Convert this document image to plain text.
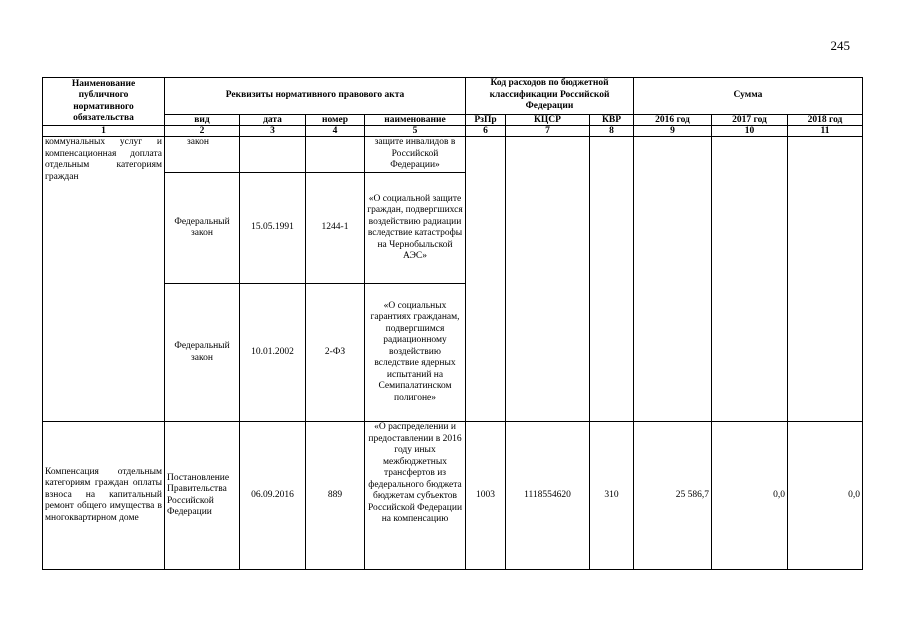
245
Наименование публичного нормативного обязательства	Реквизиты нормативного правового акта				Код расходов по бюджетной классификации Российской Федерации			Сумма		
	вид	дата	номер	наименование	РзПр	КЦСР	КВР	2016 год	2017 год	2018 год
1	2	3	4	5	6	7	8	9	10	11
коммунальных услуг и компенсационная доплата отдельным категориям граждан	закон			защите инвалидов в Российской Федерации»						
	Федеральный закон	15.05.1991	1244-1	«О социальной защите граждан, подвергшихся воздействию радиации вследствие катастрофы на Чернобыльской АЭС»						
	Федеральный закон	10.01.2002	2-ФЗ	«О социальных гарантиях гражданам, подвергшимся радиационному воздействию вследствие ядерных испытаний на Семипалатинском полигоне»						
Компенсация отдельным категориям граждан оплаты взноса на капитальный ремонт общего имущества в многоквартирном доме	Постановление Правительства Российской Федерации	06.09.2016	889	«О распределении и предоставлении в 2016 году иных межбюджетных трансфертов из федерального бюджета бюджетам субъектов Российской Федерации на компенсацию	1003	1118554620	310	25 586,7	0,0	0,0
